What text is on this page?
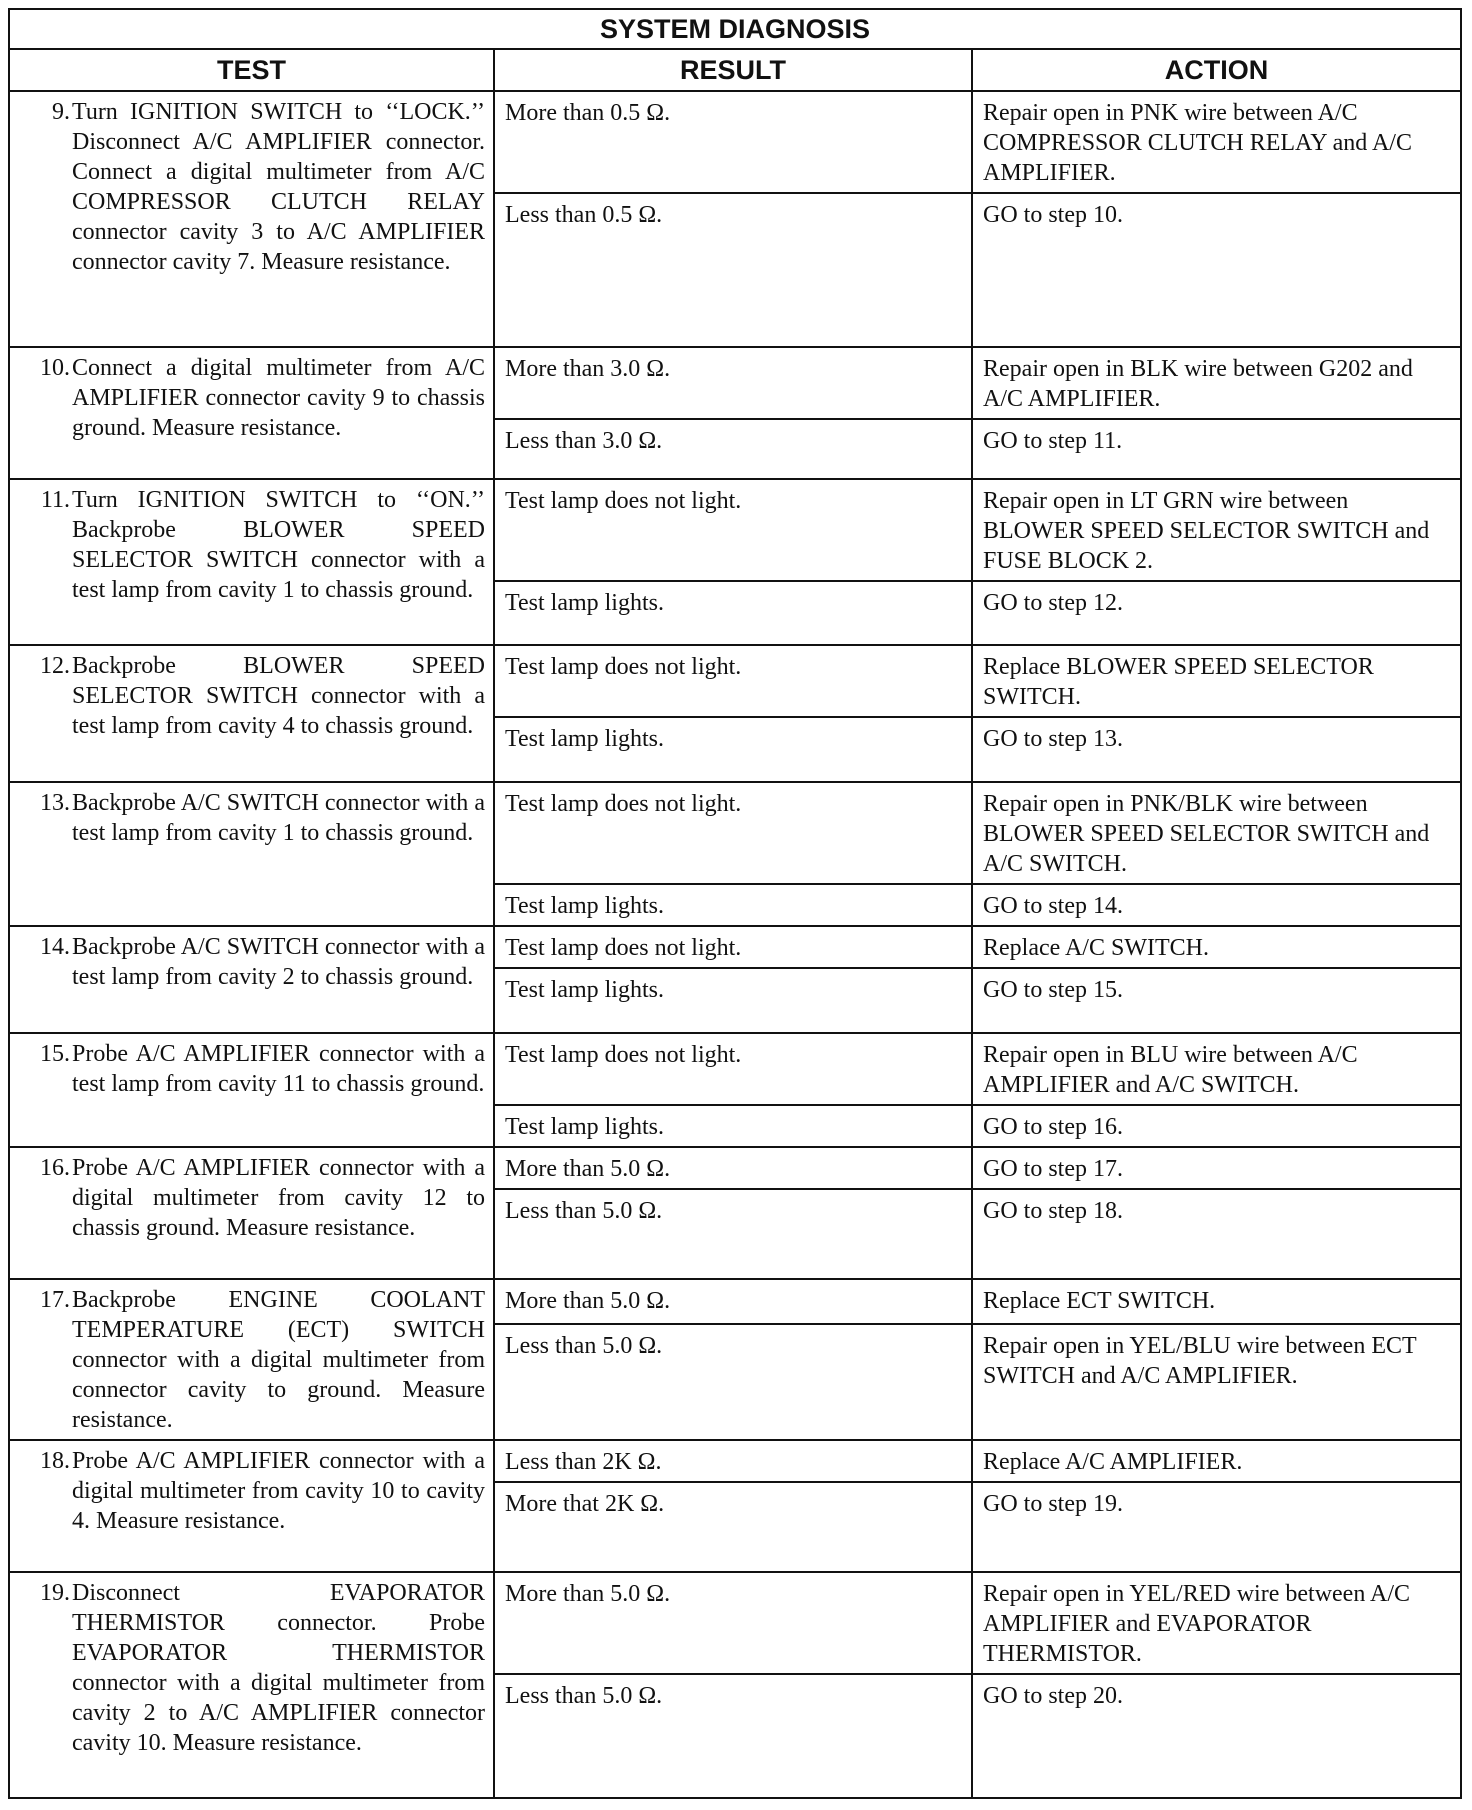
SYSTEM DIAGNOSIS		
TEST	RESULT	ACTION

9. Turn IGNITION SWITCH to ‘‘LOCK.’’ Disconnect A/C AMPLIFIER connector. Connect a digital multimeter from A/C COMPRESSOR CLUTCH RELAY connector cavity 3 to A/C AMPLIFIER connector cavity 7. Measure resistance.	More than 0.5 Ω.	Repair open in PNK wire between A/C COMPRESSOR CLUTCH RELAY and A/C AMPLIFIER.
	Less than 0.5 Ω.	GO to step 10.

10. Connect a digital multimeter from A/C AMPLIFIER connector cavity 9 to chassis ground. Measure resistance.	More than 3.0 Ω.	Repair open in BLK wire between G202 and A/C AMPLIFIER.
	Less than 3.0 Ω.	GO to step 11.

11. Turn IGNITION SWITCH to ‘‘ON.’’ Backprobe BLOWER SPEED SELECTOR SWITCH connector with a test lamp from cavity 1 to chassis ground.	Test lamp does not light.	Repair open in LT GRN wire between BLOWER SPEED SELECTOR SWITCH and FUSE BLOCK 2.
	Test lamp lights.	GO to step 12.

12. Backprobe BLOWER SPEED SELECTOR SWITCH connector with a test lamp from cavity 4 to chassis ground.	Test lamp does not light.	Replace BLOWER SPEED SELECTOR SWITCH.
	Test lamp lights.	GO to step 13.

13. Backprobe A/C SWITCH connector with a test lamp from cavity 1 to chassis ground.	Test lamp does not light.	Repair open in PNK/BLK wire between BLOWER SPEED SELECTOR SWITCH and A/C SWITCH.
	Test lamp lights.	GO to step 14.

14. Backprobe A/C SWITCH connector with a test lamp from cavity 2 to chassis ground.	Test lamp does not light.	Replace A/C SWITCH.
	Test lamp lights.	GO to step 15.

15. Probe A/C AMPLIFIER connector with a test lamp from cavity 11 to chassis ground.	Test lamp does not light.	Repair open in BLU wire between A/C AMPLIFIER and A/C SWITCH.
	Test lamp lights.	GO to step 16.

16. Probe A/C AMPLIFIER connector with a digital multimeter from cavity 12 to chassis ground. Measure resistance.	More than 5.0 Ω.	GO to step 17.
	Less than 5.0 Ω.	GO to step 18.

17. Backprobe ENGINE COOLANT TEMPERATURE (ECT) SWITCH connector with a digital multimeter from connector cavity to ground. Measure resistance.	More than 5.0 Ω.	Replace ECT SWITCH.
	Less than 5.0 Ω.	Repair open in YEL/BLU wire between ECT SWITCH and A/C AMPLIFIER.

18. Probe A/C AMPLIFIER connector with a digital multimeter from cavity 10 to cavity 4. Measure resistance.	Less than 2K Ω.	Replace A/C AMPLIFIER.
	More that 2K Ω.	GO to step 19.

19. Disconnect EVAPORATOR THERMISTOR connector. Probe EVAPORATOR THERMISTOR connector with a digital multimeter from cavity 2 to A/C AMPLIFIER connector cavity 10. Measure resistance.	More than 5.0 Ω.	Repair open in YEL/RED wire between A/C AMPLIFIER and EVAPORATOR THERMISTOR.
	Less than 5.0 Ω.	GO to step 20.
